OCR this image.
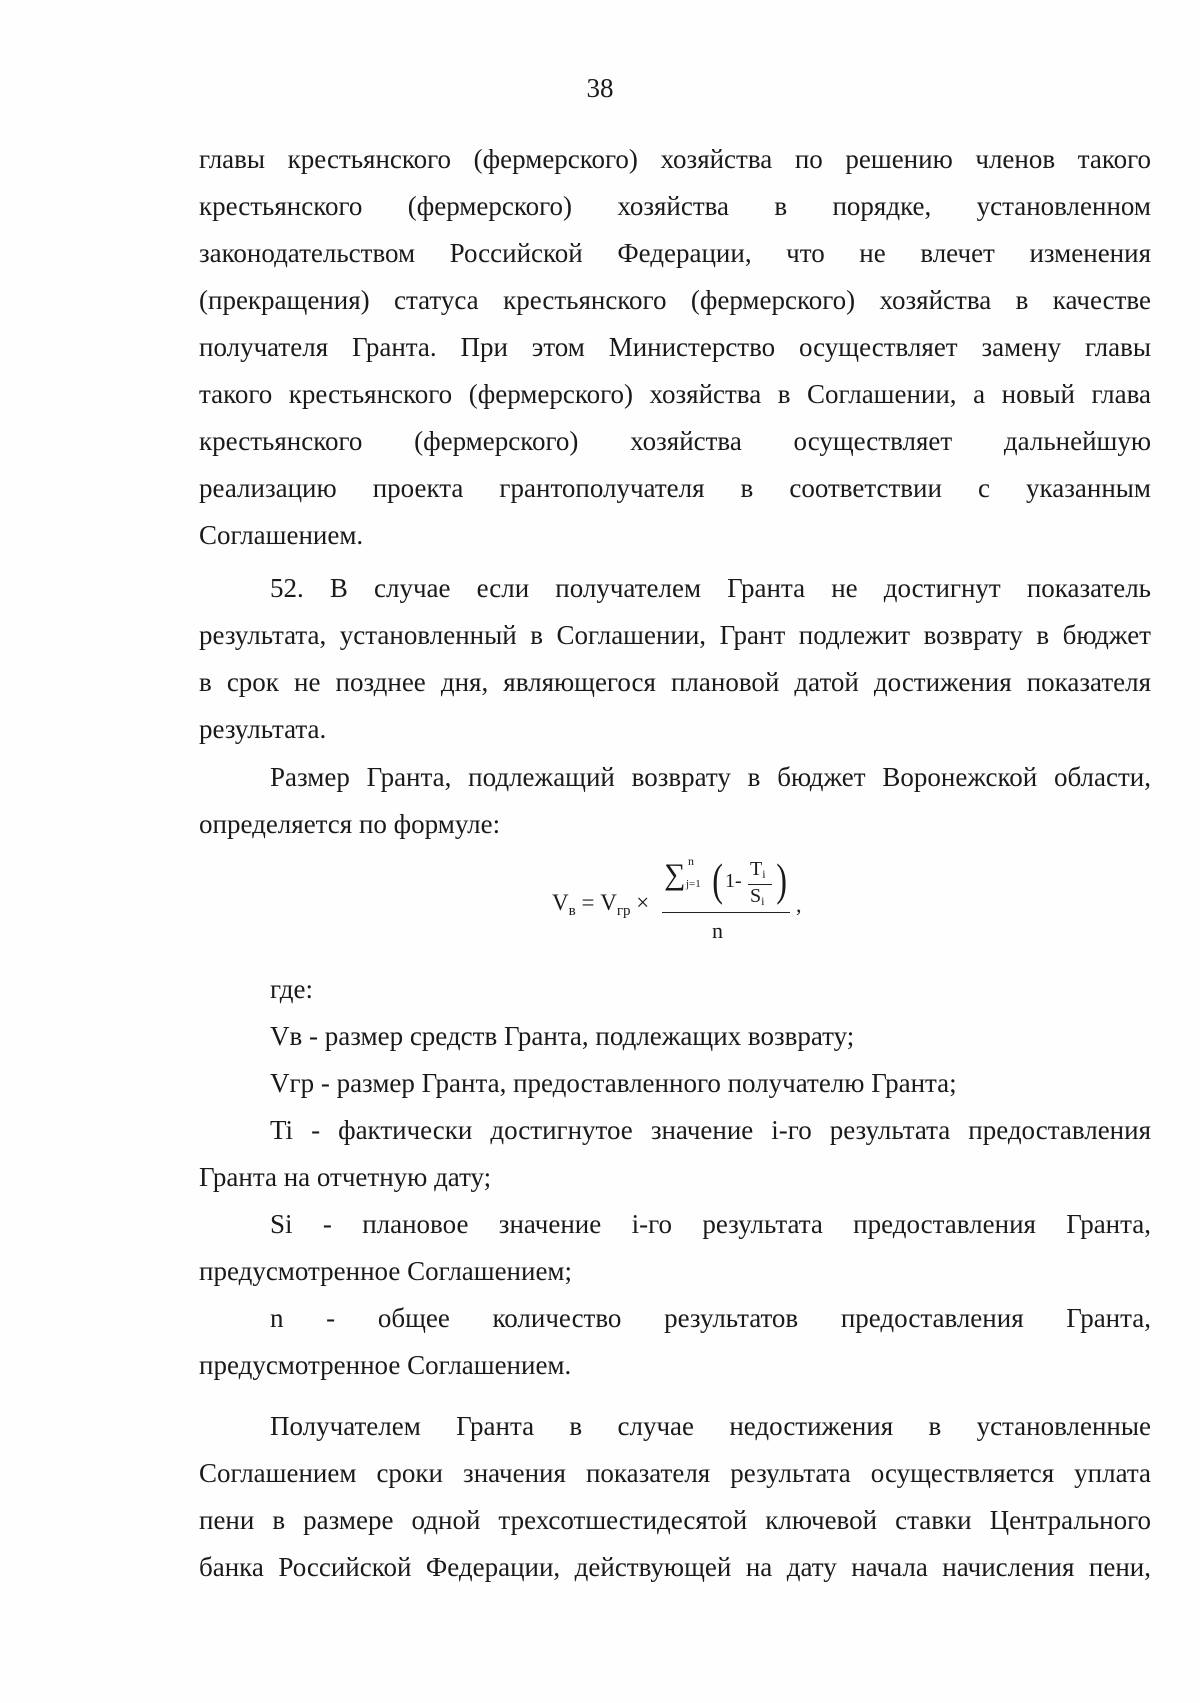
38
главы крестьянского (фермерского) хозяйства по решению членов такого
крестьянского (фермерского) хозяйства в порядке, установленном
законодательством Российской Федерации, что не влечет изменения
(прекращения) статуса крестьянского (фермерского) хозяйства в качестве
получателя Гранта. При этом Министерство осуществляет замену главы
такого крестьянского (фермерского) хозяйства в Соглашении, а новый глава
крестьянского (фермерского) хозяйства осуществляет дальнейшую
реализацию проекта грантополучателя в соответствии с указанным
Соглашением.
52. В случае если получателем Гранта не достигнут показатель
результата, установленный в Соглашении, Грант подлежит возврату в бюджет
в срок не позднее дня, являющегося плановой датой достижения показателя
результата.
Размер Гранта, подлежащий возврату в бюджет Воронежской области,
определяется по формуле:
$V_в = V_{гр}$ ×
∑ n
j=1 ( 1-
Ti
Si )
n
,
где:
Vв - размер средств Гранта, подлежащих возврату;
Vгр - размер Гранта, предоставленного получателю Гранта;
Ti - фактически достигнутое значение i-го результата предоставления
Гранта на отчетную дату;
Si - плановое значение i-го результата предоставления Гранта,
предусмотренное Соглашением;
n - общее количество результатов предоставления Гранта,
предусмотренное Соглашением.
Получателем Гранта в случае недостижения в установленные
Соглашением сроки значения показателя результата осуществляется уплата
пени в размере одной трехсотшестидесятой ключевой ставки Центрального
банка Российской Федерации, действующей на дату начала начисления пени,
